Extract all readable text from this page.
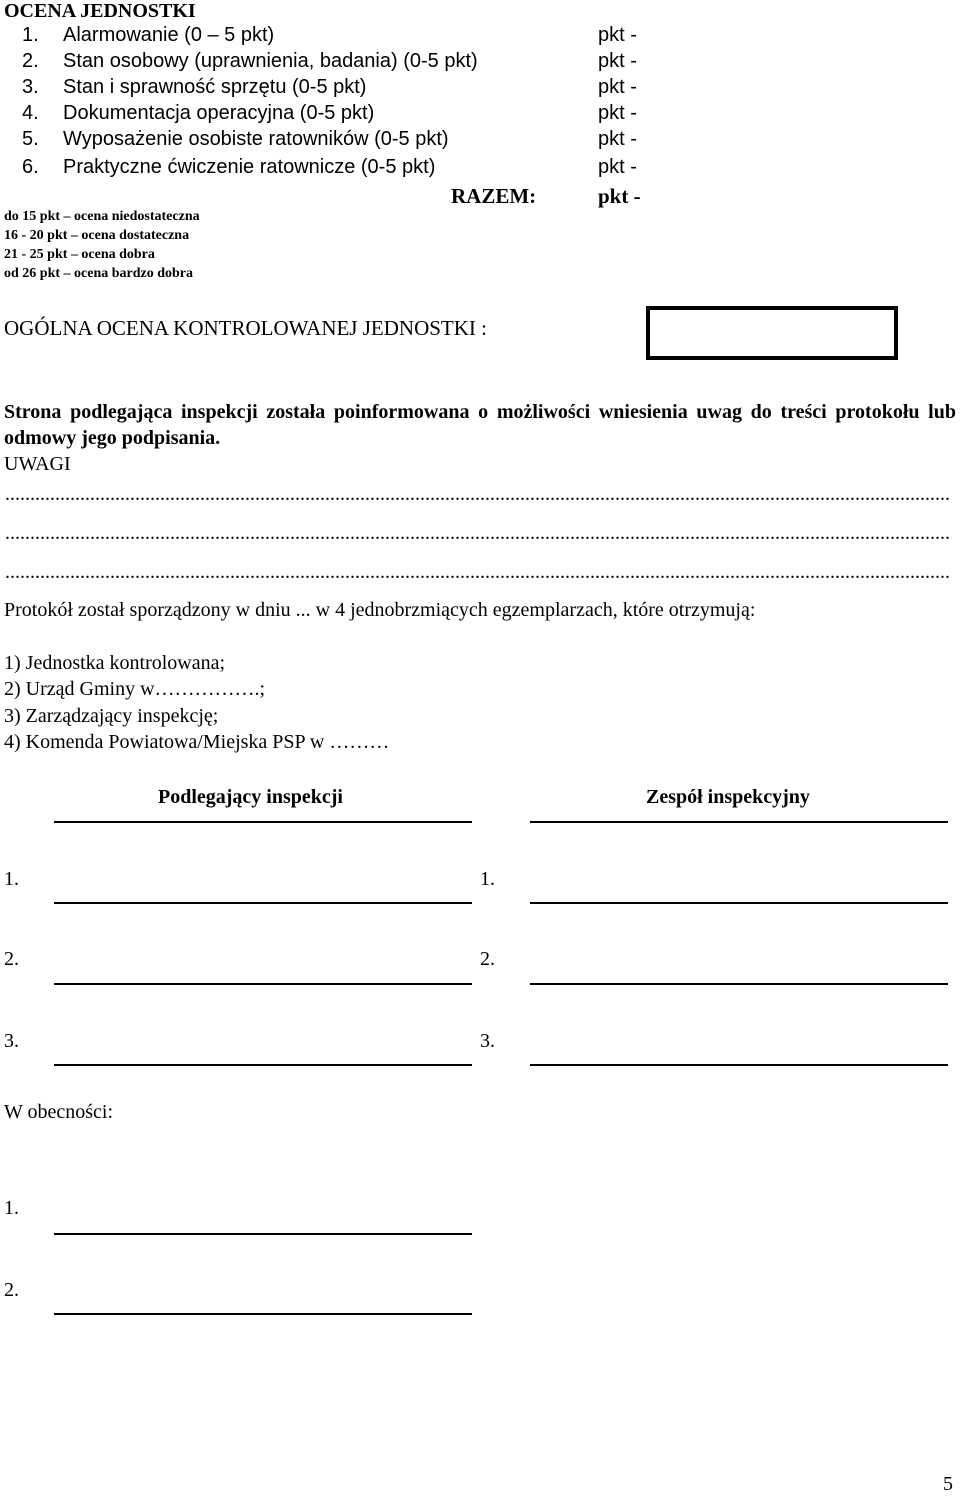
OCENA JEDNOSTKI
1. Alarmowanie (0 – 5 pkt)	pkt -
2. Stan osobowy (uprawnienia, badania) (0-5 pkt)	pkt -
3. Stan i sprawność sprzętu (0-5 pkt)	pkt -
4. Dokumentacja operacyjna (0-5 pkt)	pkt -
5. Wyposażenie osobiste ratowników (0-5 pkt)	pkt -
6. Praktyczne ćwiczenie ratownicze (0-5 pkt)	pkt -
RAZEM:	pkt -
do 15 pkt – ocena niedostateczna
16 - 20 pkt – ocena dostateczna
21 - 25 pkt – ocena dobra
od 26 pkt – ocena bardzo dobra
OGÓLNA OCENA KONTROLOWANEJ JEDNOSTKI :
Strona podlegająca inspekcji została poinformowana o możliwości wniesienia uwag do treści protokołu lub odmowy jego podpisania.
UWAGI
.............................................................................................................................................................................................
.............................................................................................................................................................................................
.............................................................................................................................................................................................
Protokół został sporządzony w dniu ... w 4 jednobrzmiących egzemplarzach, które otrzymują:
1) Jednostka kontrolowana;
2) Urząd Gminy w…………….;
3) Zarządzający inspekcję;
4) Komenda Powiatowa/Miejska PSP w ………
Podlegający inspekcji	Zespół inspekcyjny
1.	1.
2.	2.
3.	3.
W obecności:
1.
2.
5
